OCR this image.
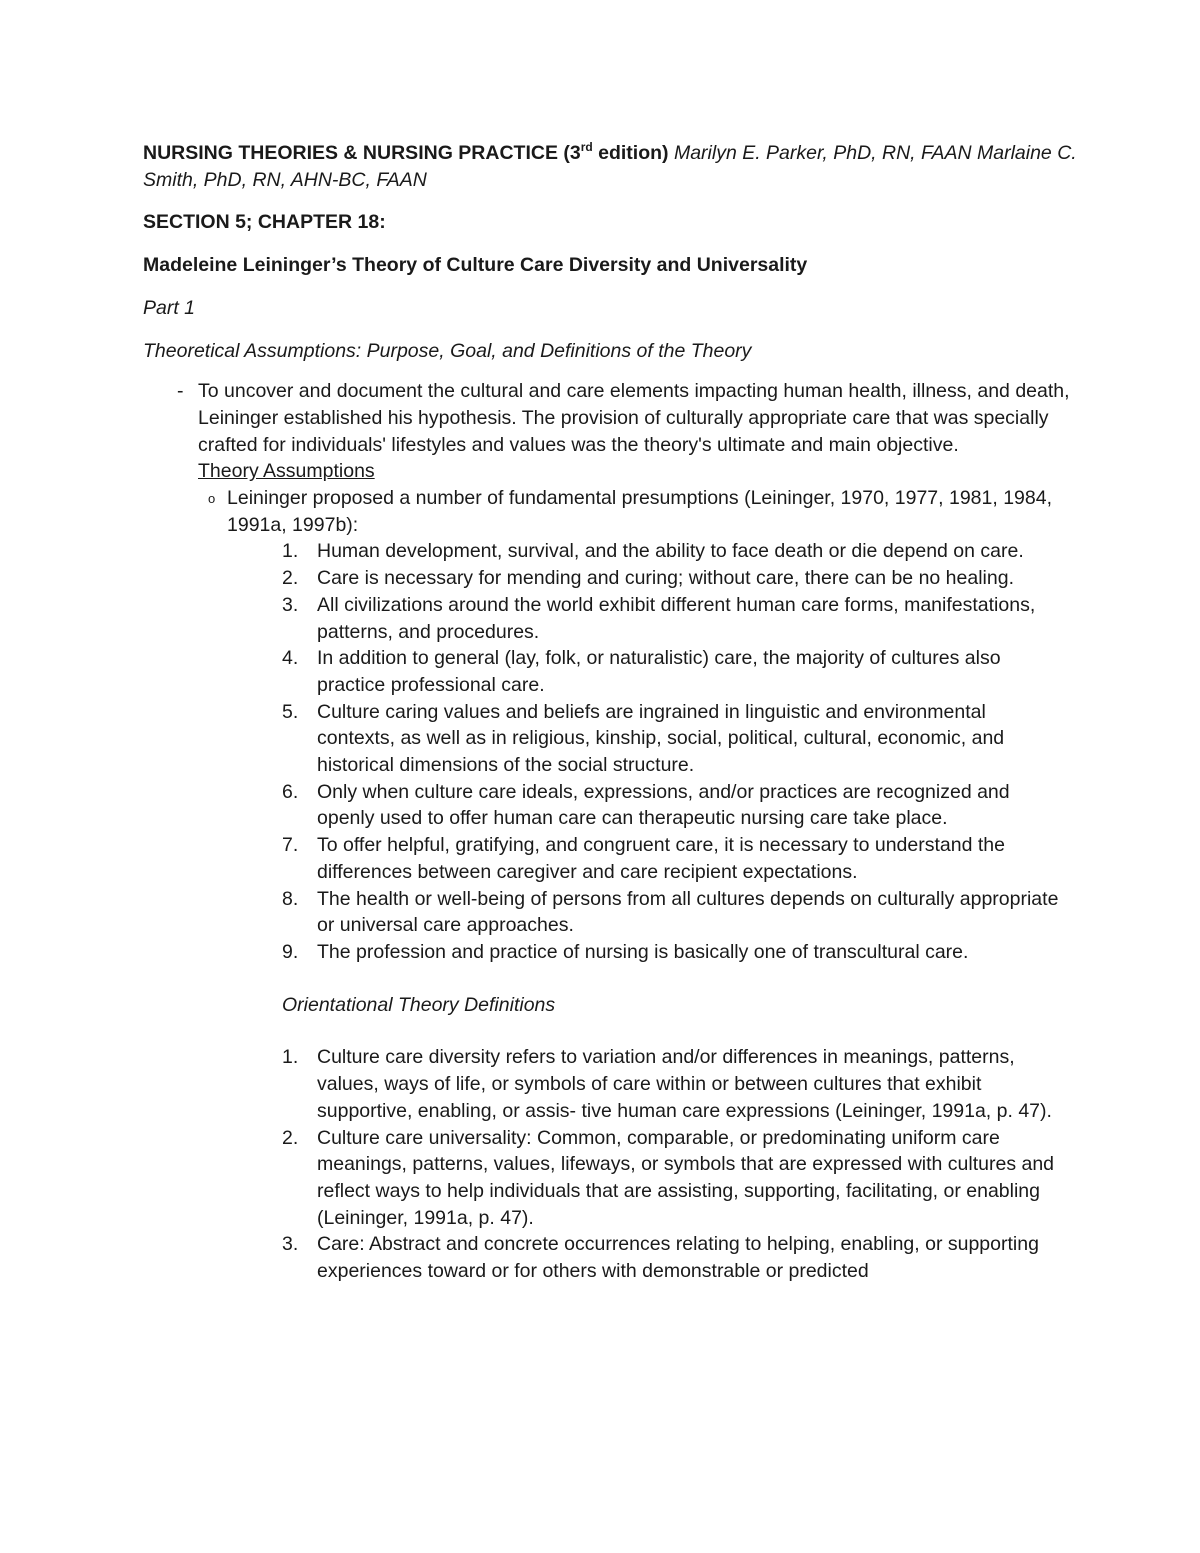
NURSING THEORIES & NURSING PRACTICE (3rd edition) Marilyn E. Parker, PhD, RN, FAAN Marlaine C. Smith, PhD, RN, AHN-BC, FAAN

SECTION 5; CHAPTER 18:

Madeleine Leininger’s Theory of Culture Care Diversity and Universality

Part 1

Theoretical Assumptions: Purpose, Goal, and Definitions of the Theory

- To uncover and document the cultural and care elements impacting human health, illness, and death, Leininger established his hypothesis. The provision of culturally appropriate care that was specially crafted for individuals' lifestyles and values was the theory's ultimate and main objective.

Theory Assumptions

o Leininger proposed a number of fundamental presumptions (Leininger, 1970, 1977, 1981, 1984, 1991a, 1997b):

1. Human development, survival, and the ability to face death or die depend on care.
2. Care is necessary for mending and curing; without care, there can be no healing.
3. All civilizations around the world exhibit different human care forms, manifestations, patterns, and procedures.
4. In addition to general (lay, folk, or naturalistic) care, the majority of cultures also practice professional care.
5. Culture caring values and beliefs are ingrained in linguistic and environmental contexts, as well as in religious, kinship, social, political, cultural, economic, and historical dimensions of the social structure.
6. Only when culture care ideals, expressions, and/or practices are recognized and openly used to offer human care can therapeutic nursing care take place.
7. To offer helpful, gratifying, and congruent care, it is necessary to understand the differences between caregiver and care recipient expectations.
8. The health or well-being of persons from all cultures depends on culturally appropriate or universal care approaches.
9. The profession and practice of nursing is basically one of transcultural care.

Orientational Theory Definitions

1. Culture care diversity refers to variation and/or differences in meanings, patterns, values, ways of life, or symbols of care within or between cultures that exhibit supportive, enabling, or assis- tive human care expressions (Leininger, 1991a, p. 47).
2. Culture care universality: Common, comparable, or predominating uniform care meanings, patterns, values, lifeways, or symbols that are expressed with cultures and reflect ways to help individuals that are assisting, supporting, facilitating, or enabling (Leininger, 1991a, p. 47).
3. Care: Abstract and concrete occurrences relating to helping, enabling, or supporting experiences toward or for others with demonstrable or predicted
